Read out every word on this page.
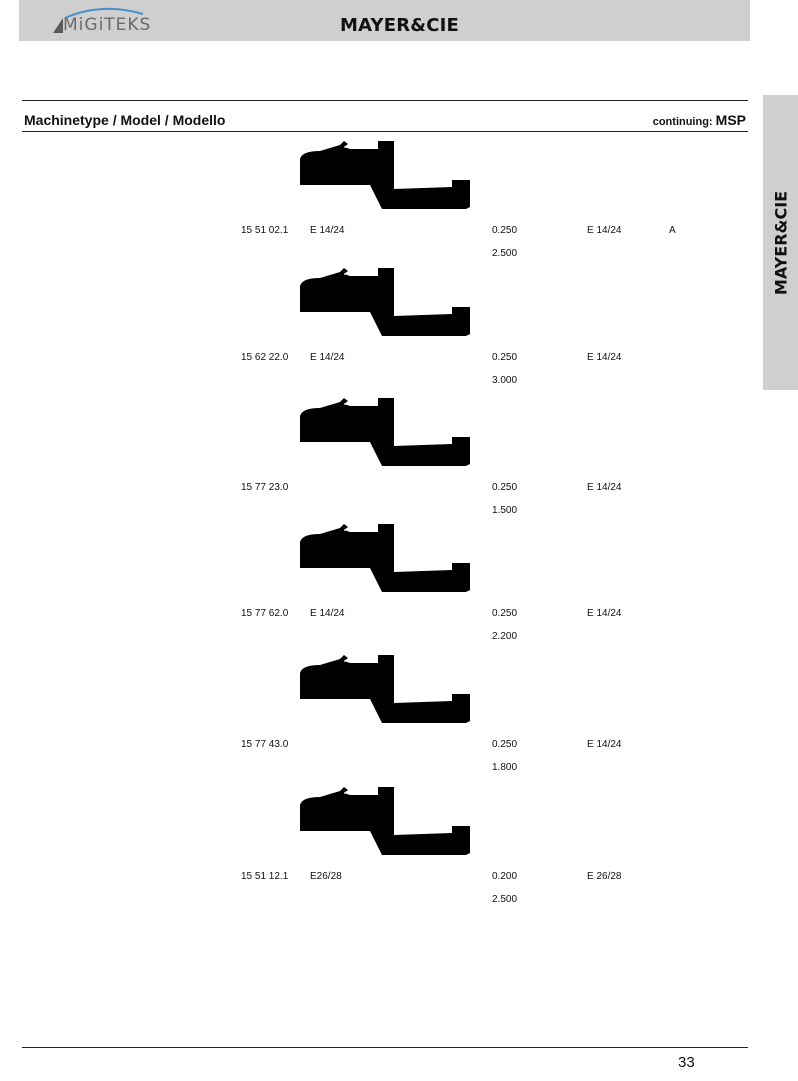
MiGiTEKS	MAYER&CIE
MAYER&CIE
Machinetype / Model / Modello	continuing: MSP
15 51 02.1 E 14/24	0.250	E 14/24	A
2.500
15 62 22.0 E 14/24	0.250	E 14/24
3.000
15 77 23.0	0.250	E 14/24
1.500
15 77 62.0 E 14/24	0.250	E 14/24
2.200
15 77 43.0	0.250	E 14/24
1.800
15 51 12.1 E26/28	0.200	E 26/28
2.500
33
